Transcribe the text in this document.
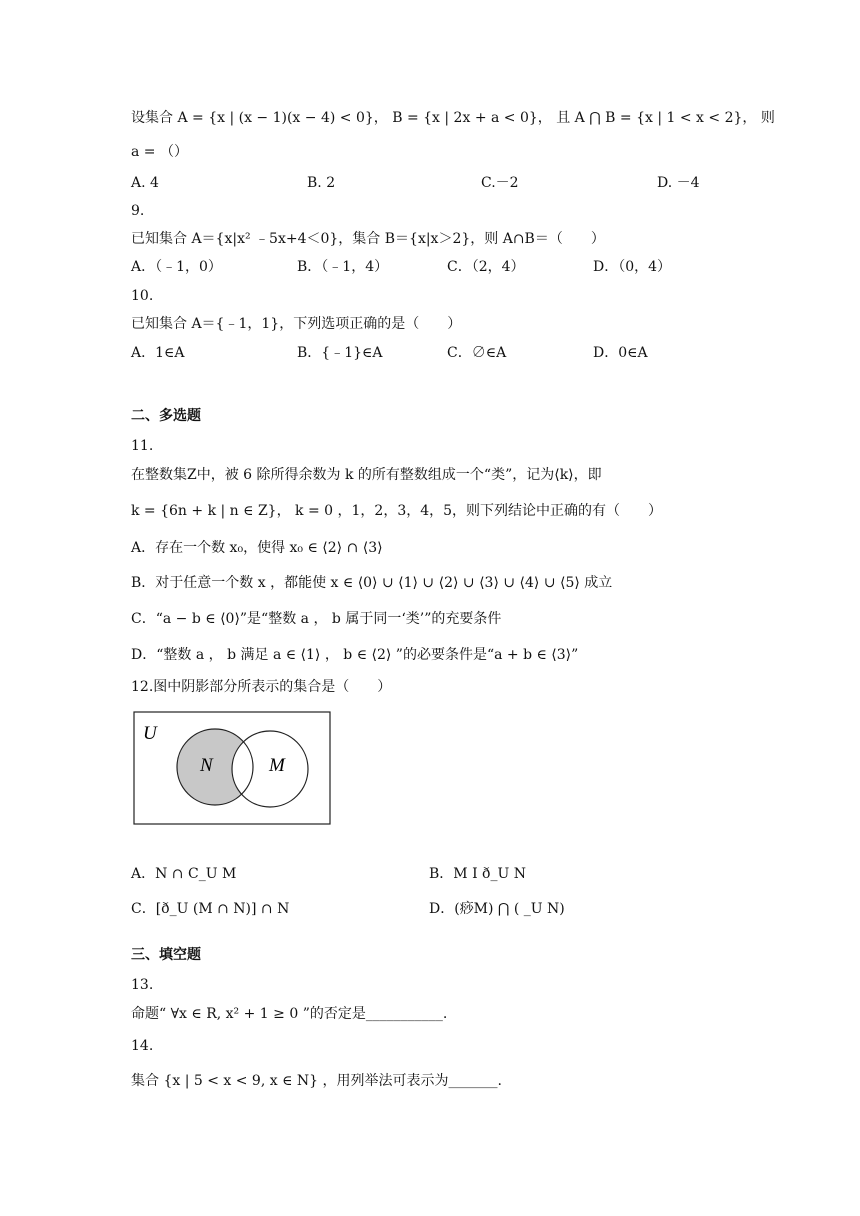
设集合 A = {x | (x − 1)(x − 4) < 0}， B = {x | 2x + a < 0}， 且 A ⋂ B = {x | 1 < x < 2}， 则
a = （）
A. 4	B. 2	C.－2	D. －4
9.
已知集合 A＝{x|x² ﹣5x+4＜0}，集合 B＝{x|x＞2}，则 A∩B＝（　　）
A．（﹣1，0）	B．（﹣1，4）	C．（2，4）	D．（0，4）
10.
已知集合 A＝{﹣1，1}，下列选项正确的是（　　）
A．1∈A	B．{﹣1}∈A	C．∅∈A	D．0∈A
二、多选题
11.
在整数集Z中，被 6 除所得余数为 k 的所有整数组成一个“类”，记为⟨k⟩，即
k = {6n + k | n ∈ Z}， k = 0 ，1，2，3，4，5，则下列结论中正确的有（　　）
A．存在一个数 x₀，使得 x₀ ∈ ⟨2⟩ ∩ ⟨3⟩
B．对于任意一个数 x ，都能使 x ∈ ⟨0⟩ ∪ ⟨1⟩ ∪ ⟨2⟩ ∪ ⟨3⟩ ∪ ⟨4⟩ ∪ ⟨5⟩ 成立
C．“a − b ∈ ⟨0⟩”是“整数 a ， b 属于同一‘类’”的充要条件
D．“整数 a ， b 满足 a ∈ ⟨1⟩ ， b ∈ ⟨2⟩ ”的必要条件是“a + b ∈ ⟨3⟩”
12.图中阴影部分所表示的集合是（　　）
U
N	M
A．N ∩ C_U M	B．M Ι ð_U N
C．[ð_U (M ∩ N)] ∩ N	D．(痧M) ⋂ ( _U N)
三、填空题
13.
命题“ ∀x ∈ R, x² + 1 ≥ 0 ”的否定是___________.
14.
集合 {x | 5 < x < 9, x ∈ N} ，用列举法可表示为_______.
